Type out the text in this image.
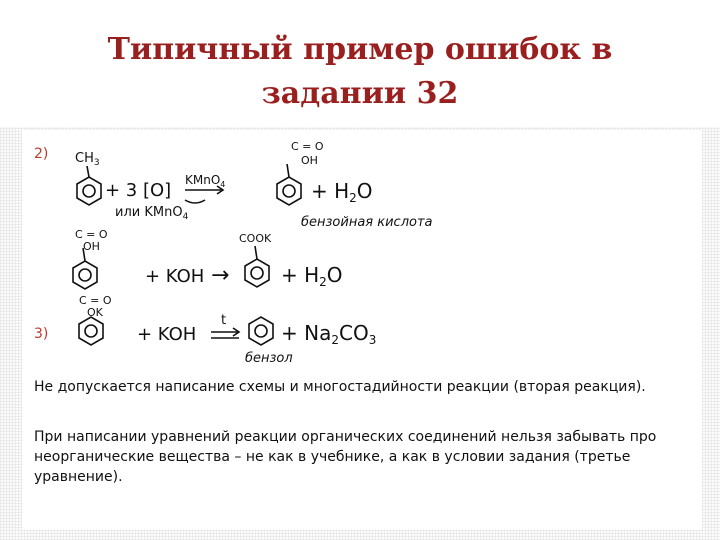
Типичный пример ошибок в
задании 32
2)
3)
$CH_3$
+ 3 [O] KMnO$_4$
или KMnO$_4$
C = O
OH
+ $H_2O$
бензойная кислота
C = O
OH
+ KOH →
COOK
+ $H_2O$
C = O
OK
+ KOH
t
+ $Na_2CO_3$
бензол
Не допускается написание схемы и многостадийности реакции (вторая реакция).
При написании уравнений реакции органических соединений нельзя забывать про неорганические вещества – не как в учебнике, а как в условии задания (третье уравнение).
